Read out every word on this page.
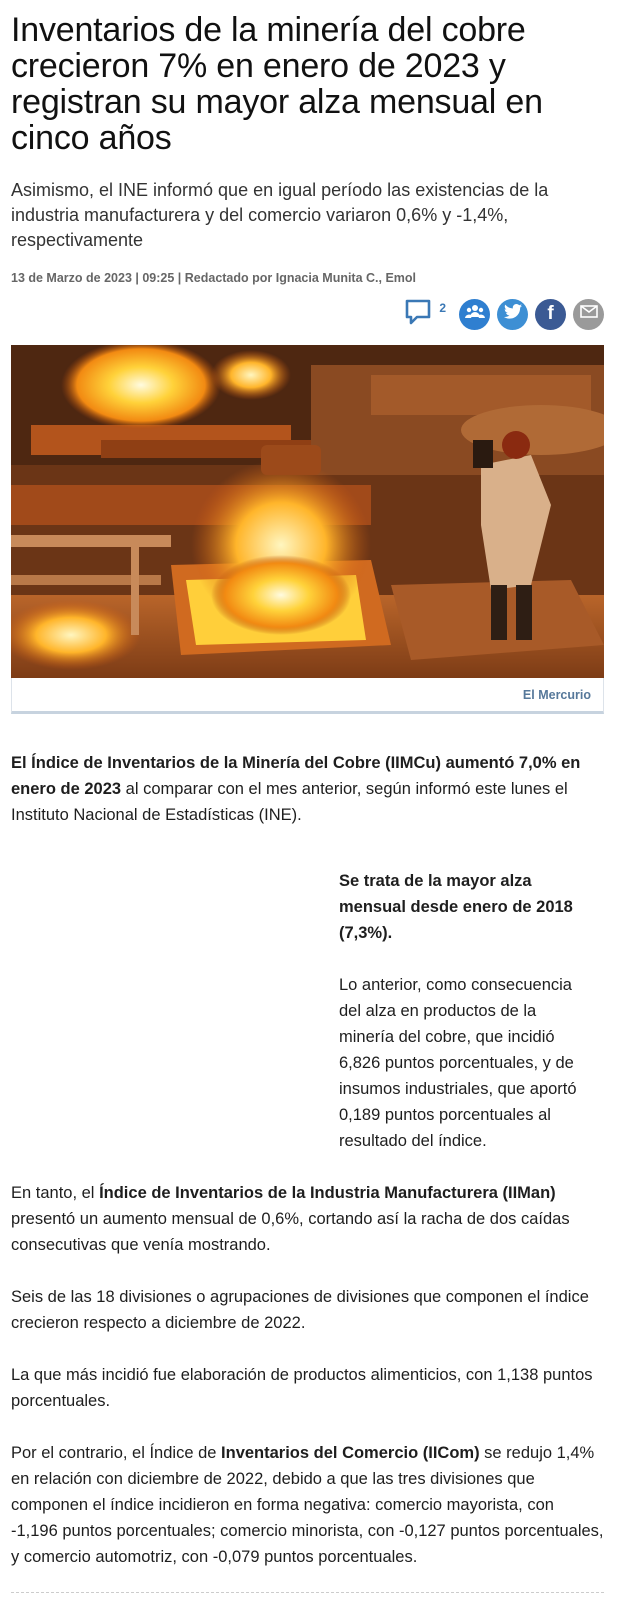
Inventarios de la minería del cobre crecieron 7% en enero de 2023 y registran su mayor alza mensual en cinco años

Asimismo, el INE informó que en igual período las existencias de la industria manufacturera y del comercio variaron 0,6% y -1,4%, respectivamente

13 de Marzo de 2023 | 09:25 | Redactado por Ignacia Munita C., Emol

2	f
El Mercurio

El Índice de Inventarios de la Minería del Cobre (IIMCu) aumentó 7,0% en enero de 2023 al comparar con el mes anterior, según informó este lunes el Instituto Nacional de Estadísticas (INE).

Se trata de la mayor alza mensual desde enero de 2018 (7,3%).

Lo anterior, como consecuencia del alza en productos de la minería del cobre, que incidió 6,826 puntos porcentuales, y de insumos industriales, que aportó 0,189 puntos porcentuales al resultado del índice.

En tanto, el Índice de Inventarios de la Industria Manufacturera (IIMan) presentó un aumento mensual de 0,6%, cortando así la racha de dos caídas consecutivas que venía mostrando.

Seis de las 18 divisiones o agrupaciones de divisiones que componen el índice crecieron respecto a diciembre de 2022.

La que más incidió fue elaboración de productos alimenticios, con 1,138 puntos porcentuales.

Por el contrario, el Índice de Inventarios del Comercio (IICom) se redujo 1,4% en relación con diciembre de 2022, debido a que las tres divisiones que componen el índice incidieron en forma negativa: comercio mayorista, con -1,196 puntos porcentuales; comercio minorista, con -0,127 puntos porcentuales, y comercio automotriz, con -0,079 puntos porcentuales.
